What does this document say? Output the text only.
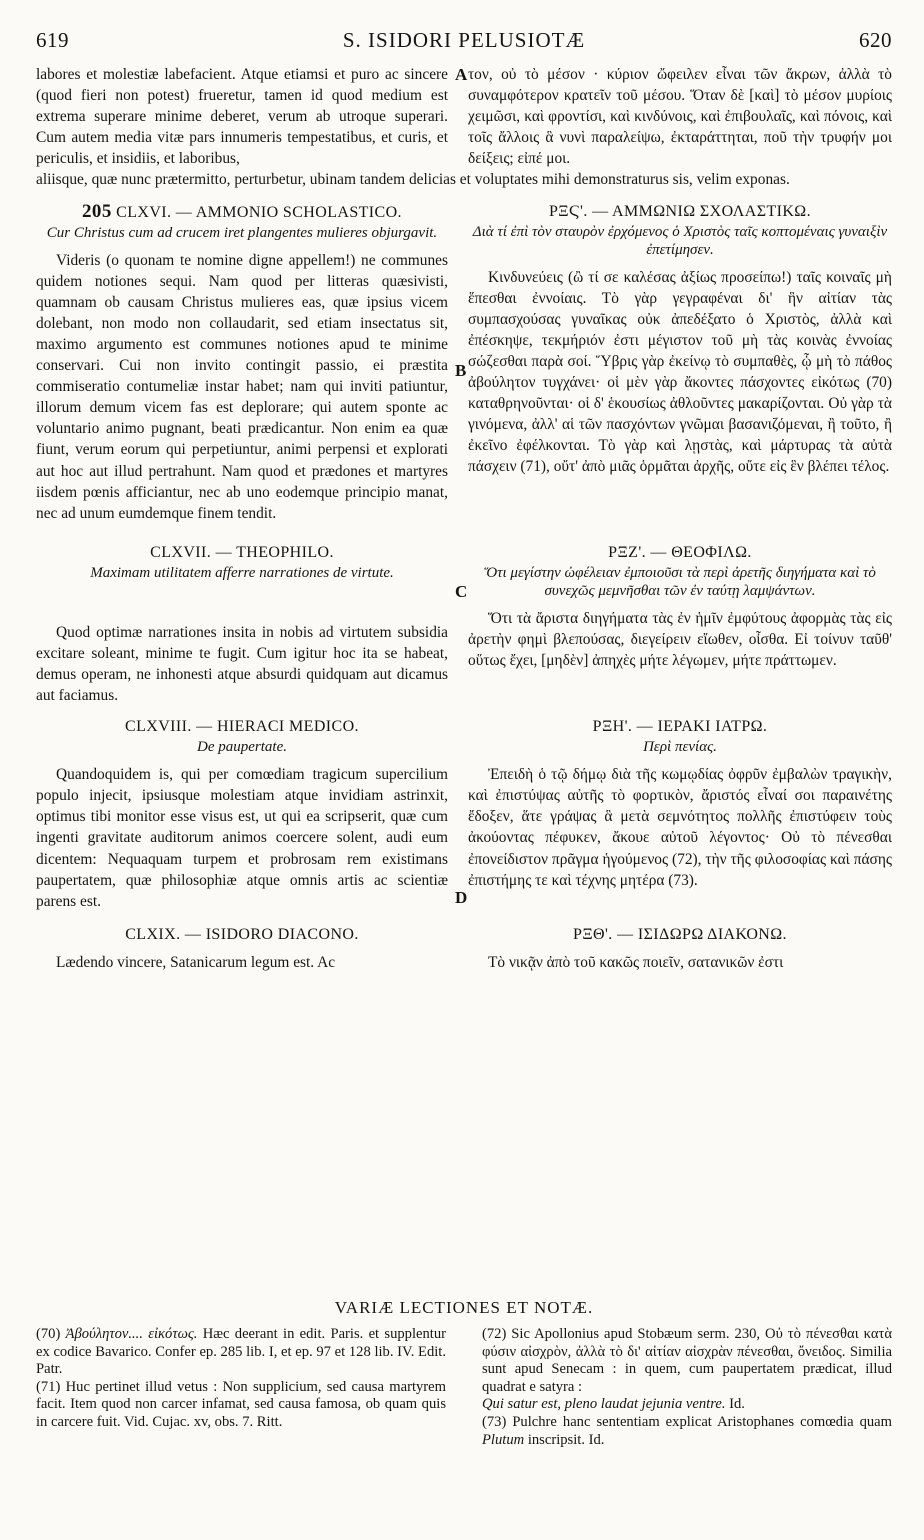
619	S. ISIDORI PELUSIOTÆ	620

labores et molestiæ labefacient. Atque etiamsi et puro ac sincere (quod fieri non potest) frueretur, tamen id quod medium est extrema superare minime deberet, verum ab utroque superari. Cum autem media vitæ pars innumeris tempestatibus, et curis, et periculis, et insidiis, et laboribus,

A τον, οὐ τὸ μέσον · κύριον ὤφειλεν εἶναι τῶν ἄκρων, ἀλλὰ τὸ συναμφότερον κρατεῖν τοῦ μέσου. Ὅταν δὲ [καὶ] τὸ μέσον μυρίοις χειμῶσι, καὶ φροντίσι, καὶ κινδύνοις, καὶ ἐπιβουλαῖς, καὶ πόνοις, καὶ τοῖς ἄλλοις ἃ νυνὶ παραλείψω, ἐκταράττηται, ποῦ τὴν τρυφήν μοι δείξεις; εἰπέ μοι.

aliisque, quæ nunc prætermitto, perturbetur, ubinam tandem delicias et voluptates mihi demonstraturus sis, velim exponas.

205 CLXVI. — AMMONIO SCHOLASTICO.

Cur Christus cum ad crucem iret plangentes mulieres objurgavit.

Videris (o quonam te nomine digne appellem!) ne communes quidem notiones sequi. Nam quod per litteras quæsivisti, quamnam ob causam Christus mulieres eas, quæ ipsius vicem dolebant, non modo non collaudarit, sed etiam insectatus sit, maximo argumento est communes notiones apud te minime conservari. Cui non invito contingit passio, ei præstita commiseratio contumeliæ instar habet; nam qui inviti patiuntur, illorum demum vicem fas est deplorare; qui autem sponte ac voluntario animo pugnant, beati prædicantur. Non enim ea quæ fiunt, verum eorum qui perpetiuntur, animi perpensi et explorati aut hoc aut illud pertrahunt. Nam quod et prædones et martyres iisdem pœnis afficiantur, nec ab uno eodemque principio manat, nec ad unum eumdemque finem tendit.

B

ΡΞϚ'. — ΑΜΜΩΝΙΩ ΣΧΟΛΑΣΤΙΚΩ.

Διὰ τί ἐπὶ τὸν σταυρὸν ἐρχόμενος ὁ Χριστὸς ταῖς κοπτομέναις γυναιξὶν ἐπετίμησεν.

Κινδυνεύεις (ὢ τί σε καλέσας ἀξίως προσείπω!) ταῖς κοιναῖς μὴ ἕπεσθαι ἐννοίαις. Τὸ γὰρ γεγραφέναι δι' ἣν αἰτίαν τὰς συμπασχούσας γυναῖκας οὐκ ἀπεδέξατο ὁ Χριστὸς, ἀλλὰ καὶ ἐπέσκηψε, τεκμήριόν ἐστι μέγιστον τοῦ μὴ τὰς κοινὰς ἐννοίας σώζεσθαι παρὰ σοί. Ὕβρις γὰρ ἐκείνῳ τὸ συμπαθὲς, ᾧ μὴ τὸ πάθος ἀβούλητον τυγχάνει· οἱ μὲν γὰρ ἄκοντες πάσχοντες εἰκότως (70) καταθρηνοῦνται· οἱ δ' ἑκουσίως ἀθλοῦντες μακαρίζονται. Οὐ γὰρ τὰ γινόμενα, ἀλλ' αἱ τῶν πασχόντων γνῶμαι βασανιζόμεναι, ἢ τοῦτο, ἢ ἐκεῖνο ἐφέλκονται. Τὸ γὰρ καὶ λῃστὰς, καὶ μάρτυρας τὰ αὐτὰ πάσχειν (71), οὔτ' ἀπὸ μιᾶς ὁρμᾶται ἀρχῆς, οὔτε εἰς ἓν βλέπει τέλος.

CLXVII. — THEOPHILO.

Maximam utilitatem afferre narrationes de virtute.

Quod optimæ narrationes insita in nobis ad virtutem subsidia excitare soleant, minime te fugit. Cum igitur hoc ita se habeat, demus operam, ne inhonesti atque absurdi quidquam aut dicamus aut faciamus.

C

ΡΞΖ'. — ΘΕΟΦΙΛΩ.

Ὅτι μεγίστην ὠφέλειαν ἐμποιοῦσι τὰ περὶ ἀρετῆς διηγήματα καὶ τὸ συνεχῶς μεμνῆσθαι τῶν ἐν ταύτῃ λαμψάντων.

Ὅτι τὰ ἄριστα διηγήματα τὰς ἐν ἡμῖν ἐμφύτους ἀφορμὰς τὰς εἰς ἀρετὴν φημὶ βλεπούσας, διεγείρειν εἴωθεν, οἶσθα. Εἰ τοίνυν ταῦθ' οὕτως ἔχει, [μηδὲν] ἀπηχὲς μήτε λέγωμεν, μήτε πράττωμεν.

CLXVIII. — HIERACI MEDICO.

De paupertate.

Quandoquidem is, qui per comœdiam tragicum supercilium populo injecit, ipsiusque molestiam atque invidiam astrinxit, optimus tibi monitor esse visus est, ut qui ea scripserit, quæ cum ingenti gravitate auditorum animos coercere solent, audi eum dicentem: Nequaquam turpem et probrosam rem existimans paupertatem, quæ philosophiæ atque omnis artis ac scientiæ parens est.	D

ΡΞΗ'. — ΙΕΡΑΚΙ ΙΑΤΡΩ.

Περὶ πενίας.

Ἐπειδὴ ὁ τῷ δήμῳ διὰ τῆς κωμῳδίας ὀφρῦν ἐμβαλὼν τραγικὴν, καὶ ἐπιστύψας αὐτῆς τὸ φορτικὸν, ἄριστός εἶναί σοι παραινέτης ἔδοξεν, ἅτε γράψας ἃ μετὰ σεμνότητος πολλῆς ἐπιστύφειν τοὺς ἀκούοντας πέφυκεν, ἄκουε αὐτοῦ λέγοντος· Οὐ τὸ πένεσθαι ἐπονείδιστον πρᾶγμα ἡγούμενος (72), τὴν τῆς φιλοσοφίας καὶ πάσης ἐπιστήμης τε καὶ τέχνης μητέρα (73).

CLXIX. — ISIDORO DIACONO.

Lædendo vincere, Satanicarum legum est. Ac

ΡΞΘ'. — ΙΣΙΔΩΡΩ ΔΙΑΚΟΝΩ.

Τὸ νικᾷν ἀπὸ τοῦ κακῶς ποιεῖν, σατανικῶν ἐστι

VARIÆ LECTIONES ET NOTÆ.

(70) Ἀβούλητον.... εἰκότως. Hæc deerant in edit. Paris. et supplentur ex codice Bavarico. Confer ep. 285 lib. I, et ep. 97 et 128 lib. IV. Edit. Patr.

(71) Huc pertinet illud vetus : Non supplicium, sed causa martyrem facit. Item quod non carcer infamat, sed causa famosa, ob quam quis in carcere fuit. Vid. Cujac. xv, obs. 7. Ritt.

(72) Sic Apollonius apud Stobæum serm. 230, Οὐ τὸ πένεσθαι κατὰ φύσιν αἰσχρὸν, ἀλλὰ τὸ δι' αἰτίαν αἰσχρὰν πένεσθαι, ὄνειδος. Similia sunt apud Senecam : in quem, cum paupertatem prædicat, illud quadrat e satyra :

Qui satur est, pleno laudat jejunia ventre. Id.

(73) Pulchre hanc sententiam explicat Aristophanes comœdia quam Plutum inscripsit. Id.
